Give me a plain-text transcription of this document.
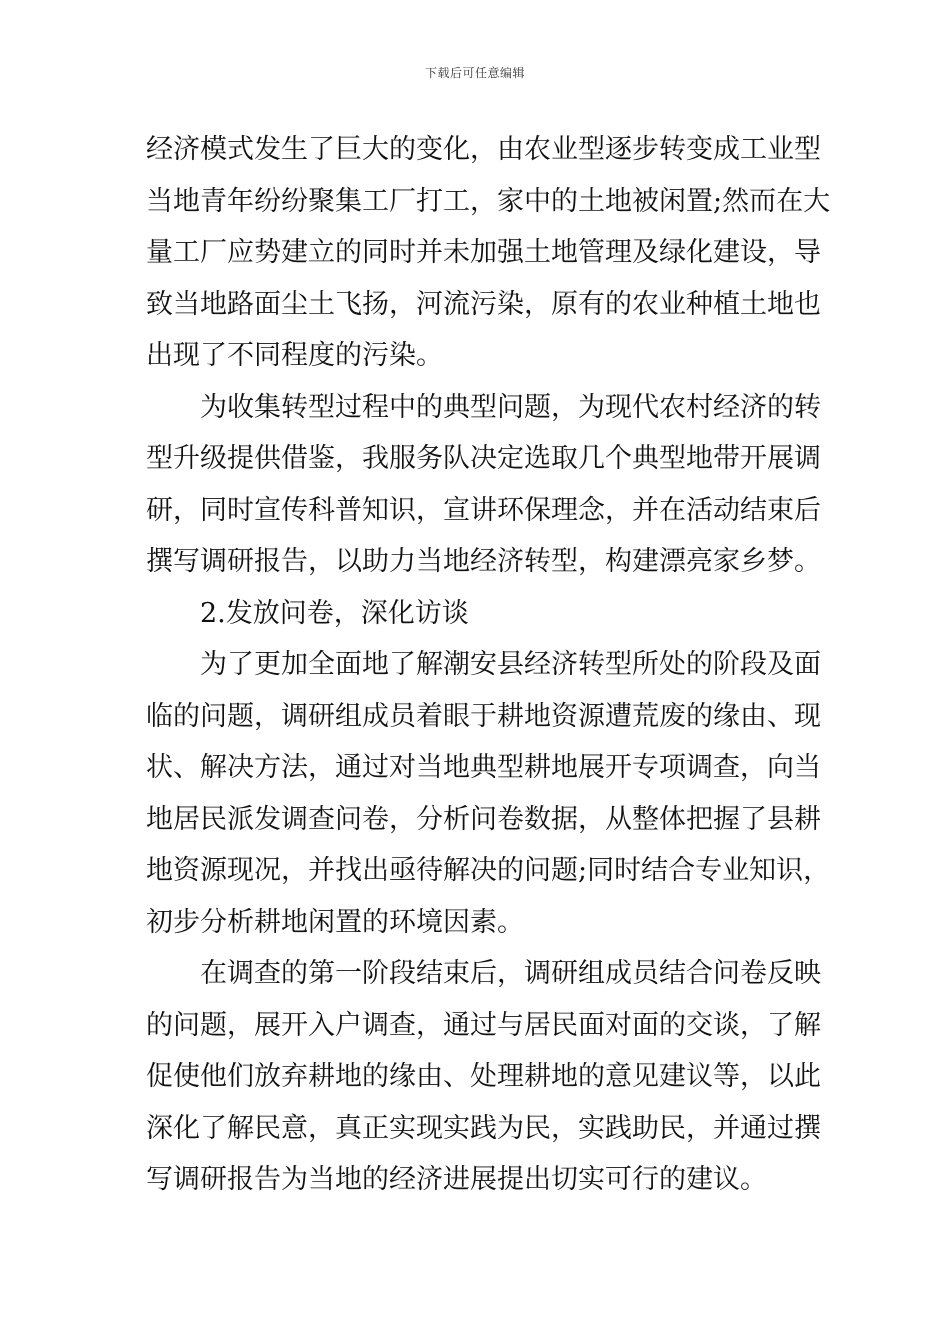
下载后可任意编辑
经济模式发生了巨大的变化，由农业型逐步转变成工业型
当地青年纷纷聚集工厂打工，家中的土地被闲置;然而在大
量工厂应势建立的同时并未加强土地管理及绿化建设，导
致当地路面尘土飞扬，河流污染，原有的农业种植土地也
出现了不同程度的污染。
为收集转型过程中的典型问题，为现代农村经济的转
型升级提供借鉴，我服务队决定选取几个典型地带开展调
研，同时宣传科普知识，宣讲环保理念，并在活动结束后
撰写调研报告，以助力当地经济转型，构建漂亮家乡梦。
2.发放问卷，深化访谈
为了更加全面地了解潮安县经济转型所处的阶段及面
临的问题，调研组成员着眼于耕地资源遭荒废的缘由、现
状、解决方法，通过对当地典型耕地展开专项调查，向当
地居民派发调查问卷，分析问卷数据，从整体把握了县耕
地资源现况，并找出亟待解决的问题;同时结合专业知识，
初步分析耕地闲置的环境因素。
在调查的第一阶段结束后，调研组成员结合问卷反映
的问题，展开入户调查，通过与居民面对面的交谈，了解
促使他们放弃耕地的缘由、处理耕地的意见建议等，以此
深化了解民意，真正实现实践为民，实践助民，并通过撰
写调研报告为当地的经济进展提出切实可行的建议。
